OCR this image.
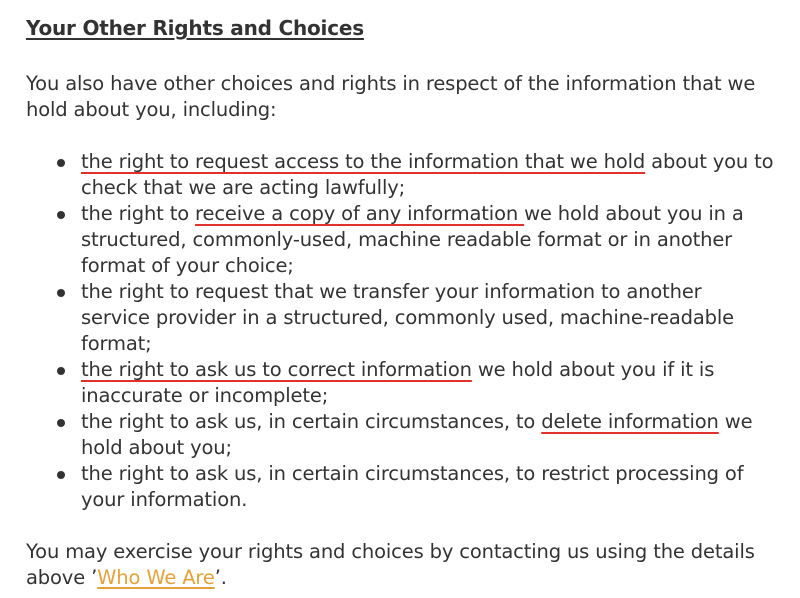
Your Other Rights and Choices

You also have other choices and rights in respect of the information that we hold about you, including:

the right to request access to the information that we hold about you to check that we are acting lawfully;
the right to receive a copy of any information we hold about you in a structured, commonly-used, machine readable format or in another format of your choice;
the right to request that we transfer your information to another service provider in a structured, commonly used, machine-readable format;
the right to ask us to correct information we hold about you if it is inaccurate or incomplete;
the right to ask us, in certain circumstances, to delete information we hold about you;
the right to ask us, in certain circumstances, to restrict processing of your information.

You may exercise your rights and choices by contacting us using the details above ’Who We Are’.
